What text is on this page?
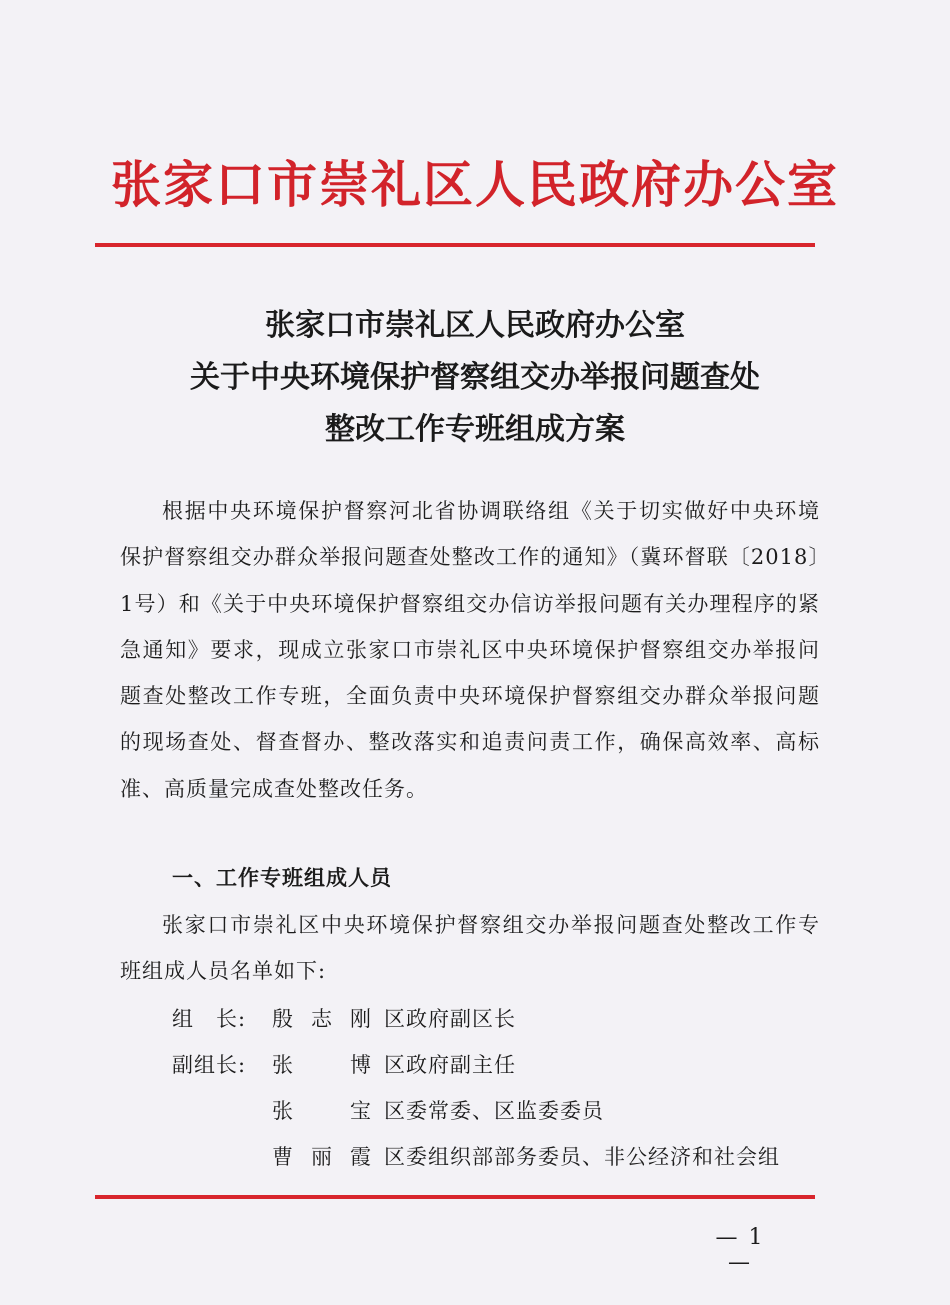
张家口市崇礼区人民政府办公室
张家口市崇礼区人民政府办公室
关于中央环境保护督察组交办举报问题查处
整改工作专班组成方案
根据中央环境保护督察河北省协调联络组《关于切实做好中央环境保护督察组交办群众举报问题查处整改工作的通知》（冀环督联〔2018〕1号）和《关于中央环境保护督察组交办信访举报问题有关办理程序的紧急通知》要求，现成立张家口市崇礼区中央环境保护督察组交办举报问题查处整改工作专班，全面负责中央环境保护督察组交办群众举报问题的现场查处、督查督办、整改落实和追责问责工作，确保高效率、高标准、高质量完成查处整改任务。
一、工作专班组成人员
张家口市崇礼区中央环境保护督察组交办举报问题查处整改工作专班组成人员名单如下:
组　长:	殷志刚 区政府副区长
副组长:	张　博 区政府副主任
张　宝 区委常委、区监委委员
曹丽霞 区委组织部部务委员、非公经济和社会组
— 1 —
